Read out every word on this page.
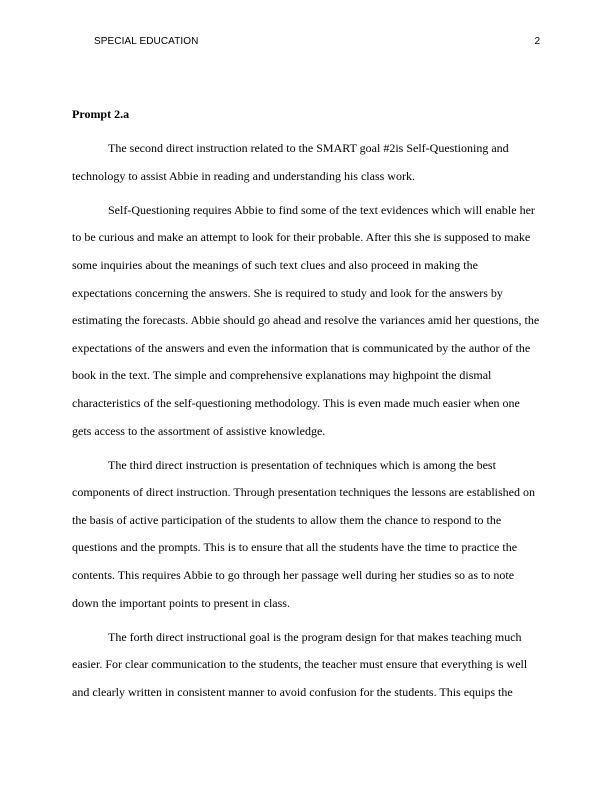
SPECIAL EDUCATION	2
Prompt 2.a
The second direct instruction related to the SMART goal #2is Self-Questioning and
technology to assist Abbie in reading and understanding his class work.
Self-Questioning requires Abbie to find some of the text evidences which will enable her
to be curious and make an attempt to look for their probable. After this she is supposed to make
some inquiries about the meanings of such text clues and also proceed in making the
expectations concerning the answers. She is required to study and look for the answers by
estimating the forecasts. Abbie should go ahead and resolve the variances amid her questions, the
expectations of the answers and even the information that is communicated by the author of the
book in the text. The simple and comprehensive explanations may highpoint the dismal
characteristics of the self-questioning methodology. This is even made much easier when one
gets access to the assortment of assistive knowledge.
The third direct instruction is presentation of techniques which is among the best
components of direct instruction. Through presentation techniques the lessons are established on
the basis of active participation of the students to allow them the chance to respond to the
questions and the prompts. This is to ensure that all the students have the time to practice the
contents. This requires Abbie to go through her passage well during her studies so as to note
down the important points to present in class.
The forth direct instructional goal is the program design for that makes teaching much
easier. For clear communication to the students, the teacher must ensure that everything is well
and clearly written in consistent manner to avoid confusion for the students. This equips the
